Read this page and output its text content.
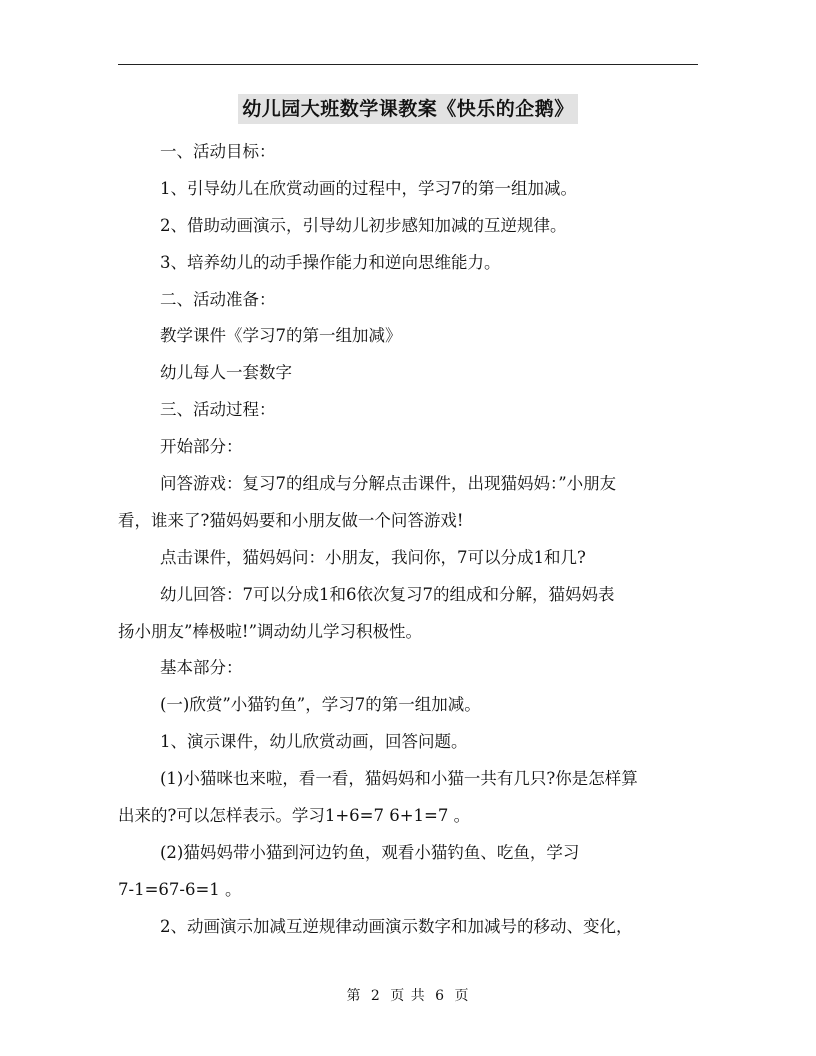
幼儿园大班数学课教案《快乐的企鹅》
一、活动目标：
1、引导幼儿在欣赏动画的过程中，学习7的第一组加减。
2、借助动画演示，引导幼儿初步感知加减的互逆规律。
3、培养幼儿的动手操作能力和逆向思维能力。
二、活动准备：
教学课件《学习7的第一组加减》
幼儿每人一套数字
三、活动过程：
开始部分：
问答游戏：复习7的组成与分解点击课件，出现猫妈妈：”小朋友
看，谁来了?猫妈妈要和小朋友做一个问答游戏!
点击课件，猫妈妈问：小朋友，我问你，7可以分成1和几?
幼儿回答：7可以分成1和6依次复习7的组成和分解，猫妈妈表
扬小朋友”棒极啦!”调动幼儿学习积极性。
基本部分：
(一)欣赏”小猫钓鱼”，学习7的第一组加减。
1、演示课件，幼儿欣赏动画，回答问题。
(1)小猫咪也来啦，看一看，猫妈妈和小猫一共有几只?你是怎样算
出来的?可以怎样表示。学习1+6=7 6+1=7 。
(2)猫妈妈带小猫到河边钓鱼，观看小猫钓鱼、吃鱼，学习
7-1=67-6=1 。
2、动画演示加减互逆规律动画演示数字和加减号的移动、变化，
第 2 页 共 6 页
